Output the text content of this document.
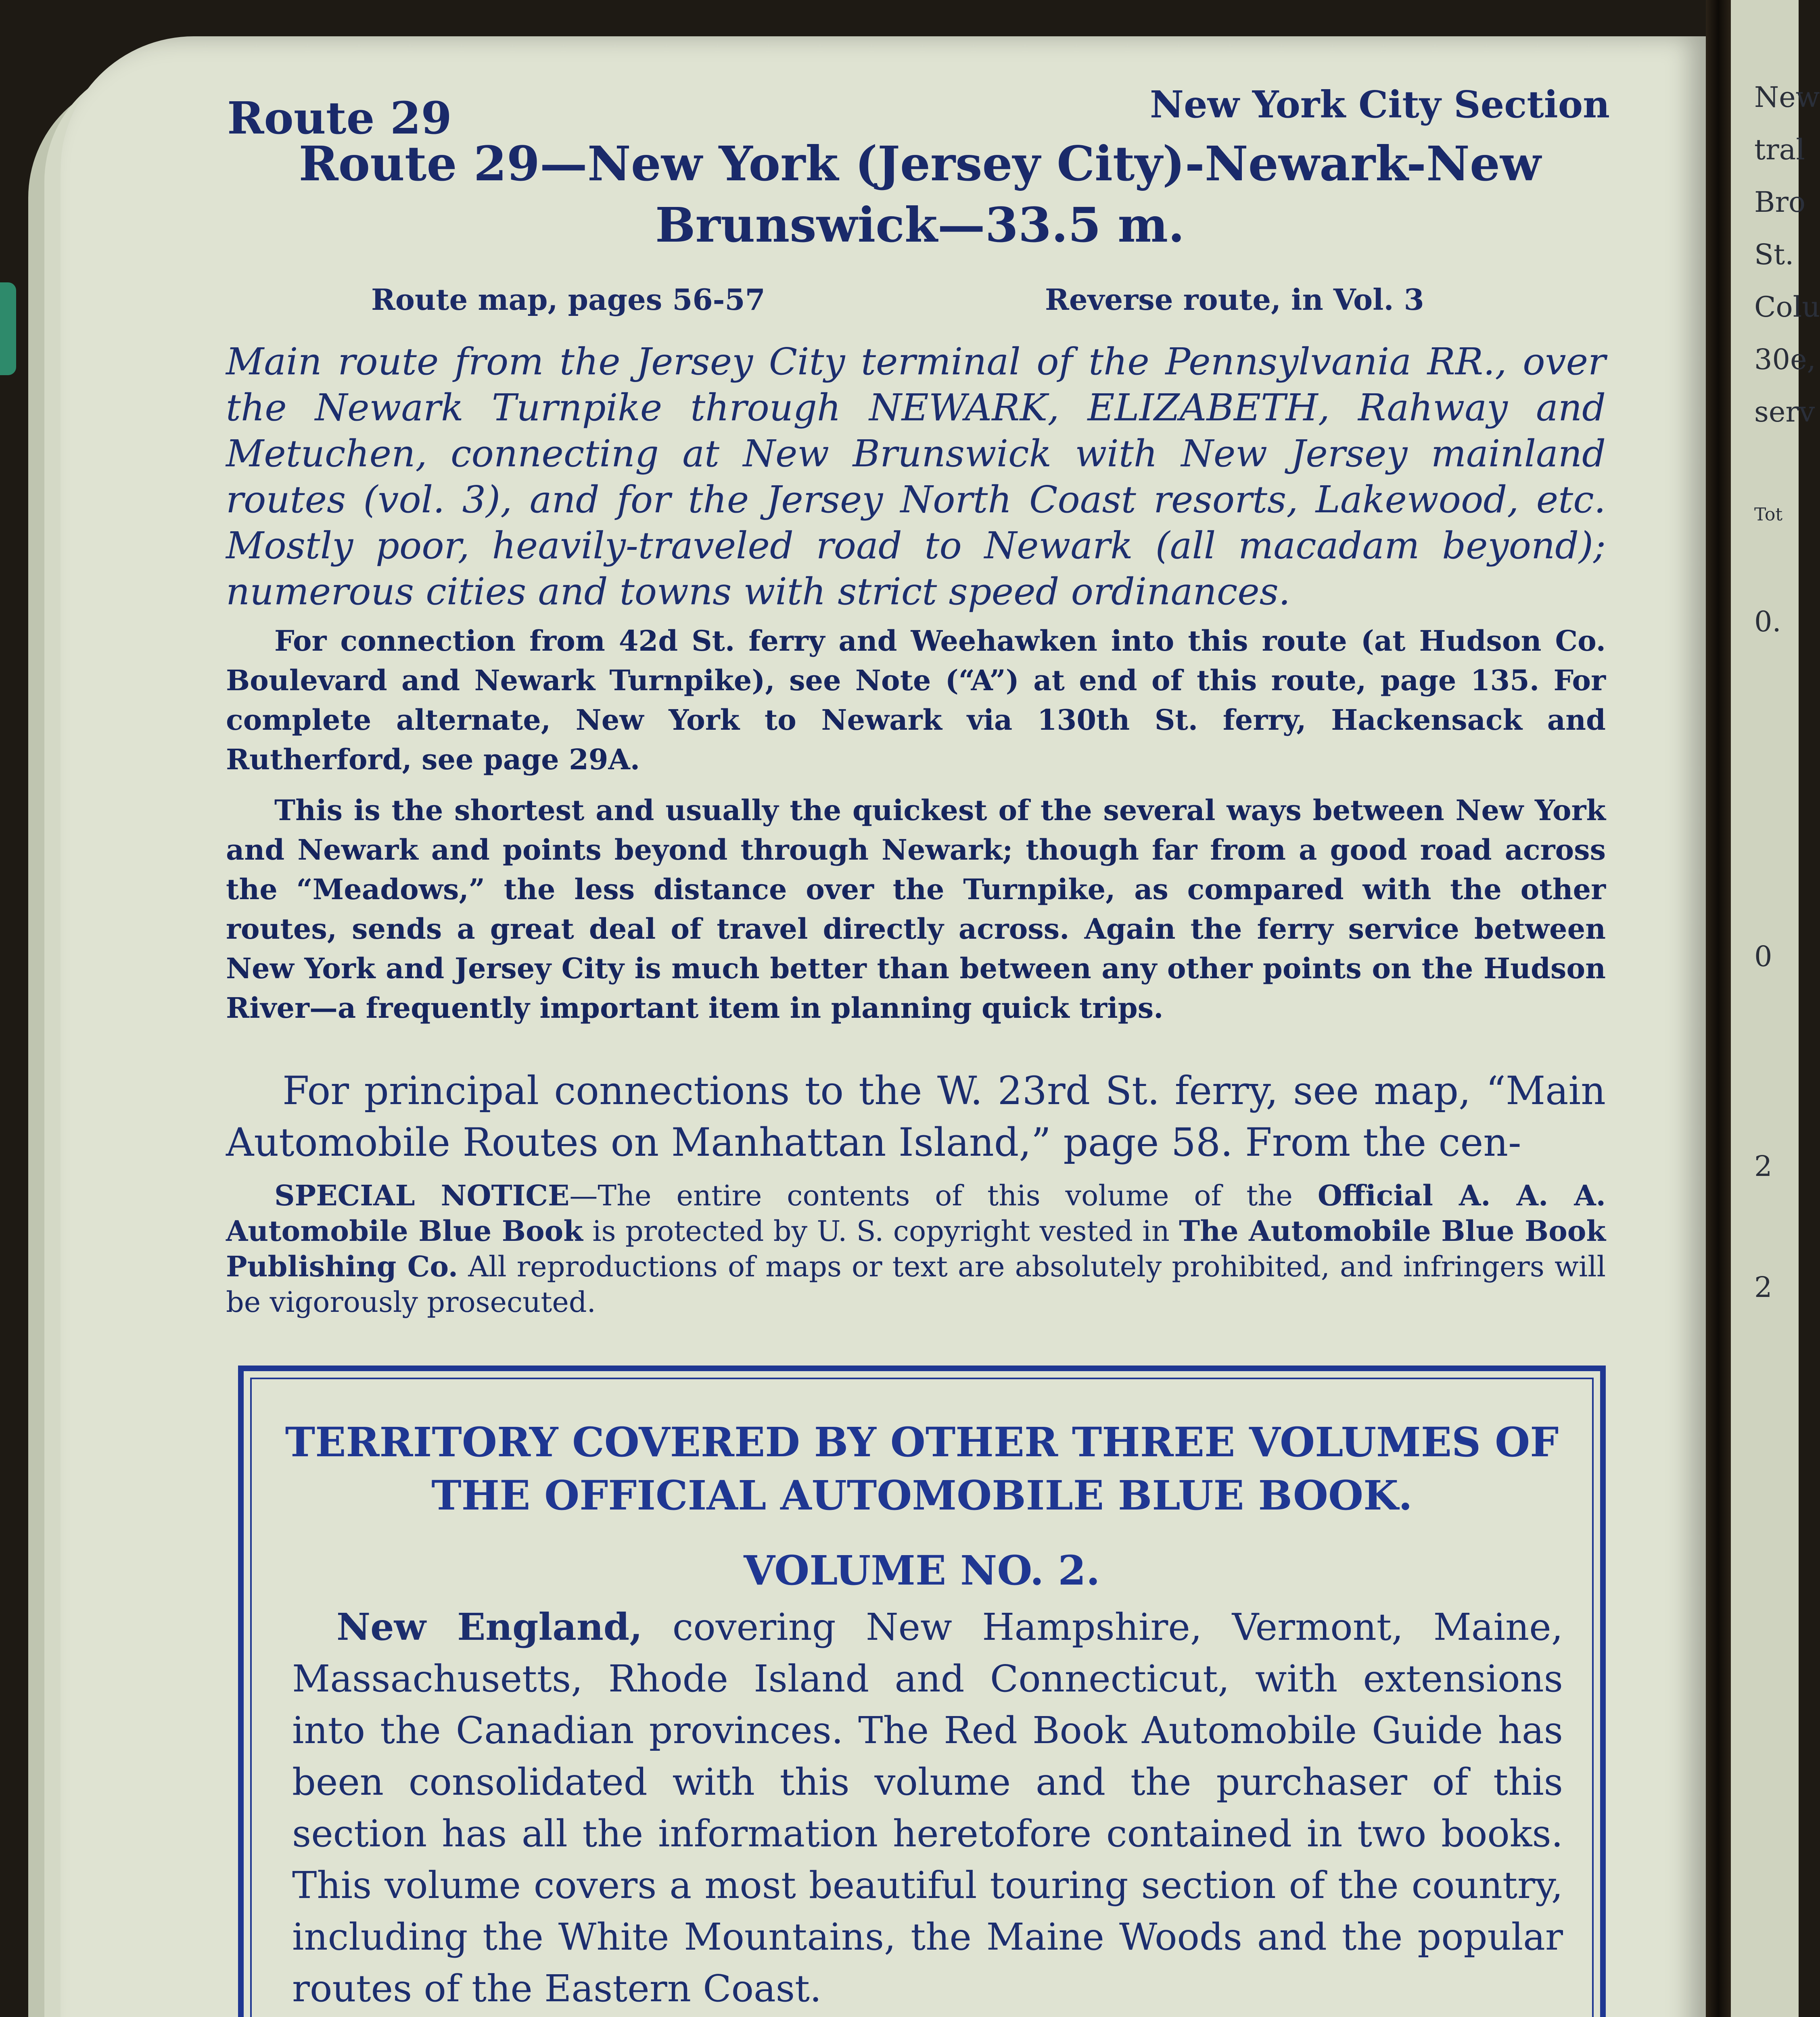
New
tral
Bro
St.
Colu
30e,
serv
Tot
0.
0
2
2
Route 29	New York City Section
Route 29—New York (Jersey City)-Newark-New Brunswick—33.5 m.
Route map, pages 56-57	Reverse route, in Vol. 3
Main route from the Jersey City terminal of the Pennsylvania RR., over the Newark Turnpike through NEWARK, ELIZABETH, Rahway and Metuchen, connecting at New Brunswick with New Jersey mainland routes (vol. 3), and for the Jersey North Coast resorts, Lakewood, etc. Mostly poor, heavily-traveled road to Newark (all macadam beyond); numerous cities and towns with strict speed ordinances.
For connection from 42d St. ferry and Weehawken into this route (at Hudson Co. Boulevard and Newark Turnpike), see Note (“A”) at end of this route, page 135. For complete alternate, New York to Newark via 130th St. ferry, Hackensack and Rutherford, see page 29A.
This is the shortest and usually the quickest of the several ways between New York and Newark and points beyond through Newark; though far from a good road across the “Meadows,” the less distance over the Turnpike, as compared with the other routes, sends a great deal of travel directly across. Again the ferry service between New York and Jersey City is much better than between any other points on the Hudson River—a frequently important item in planning quick trips.
For principal connections to the W. 23rd St. ferry, see map, “Main Automobile Routes on Manhattan Island,” page 58. From the cen-
SPECIAL NOTICE—The entire contents of this volume of the Official A. A. A. Automobile Blue Book is protected by U. S. copyright vested in The Automobile Blue Book Publishing Co. All reproductions of maps or text are absolutely prohibited, and infringers will be vigorously prosecuted.
TERRITORY COVERED BY OTHER THREE VOLUMES OF
THE OFFICIAL AUTOMOBILE BLUE BOOK.
VOLUME NO. 2.
New England, covering New Hampshire, Vermont, Maine, Massachusetts, Rhode Island and Connecticut, with extensions into the Canadian provinces. The Red Book Automobile Guide has been consolidated with this volume and the purchaser of this section has all the information heretofore contained in two books. This volume covers a most beautiful touring section of the country, including the White Mountains, the Maine Woods and the popular routes of the Eastern Coast.
